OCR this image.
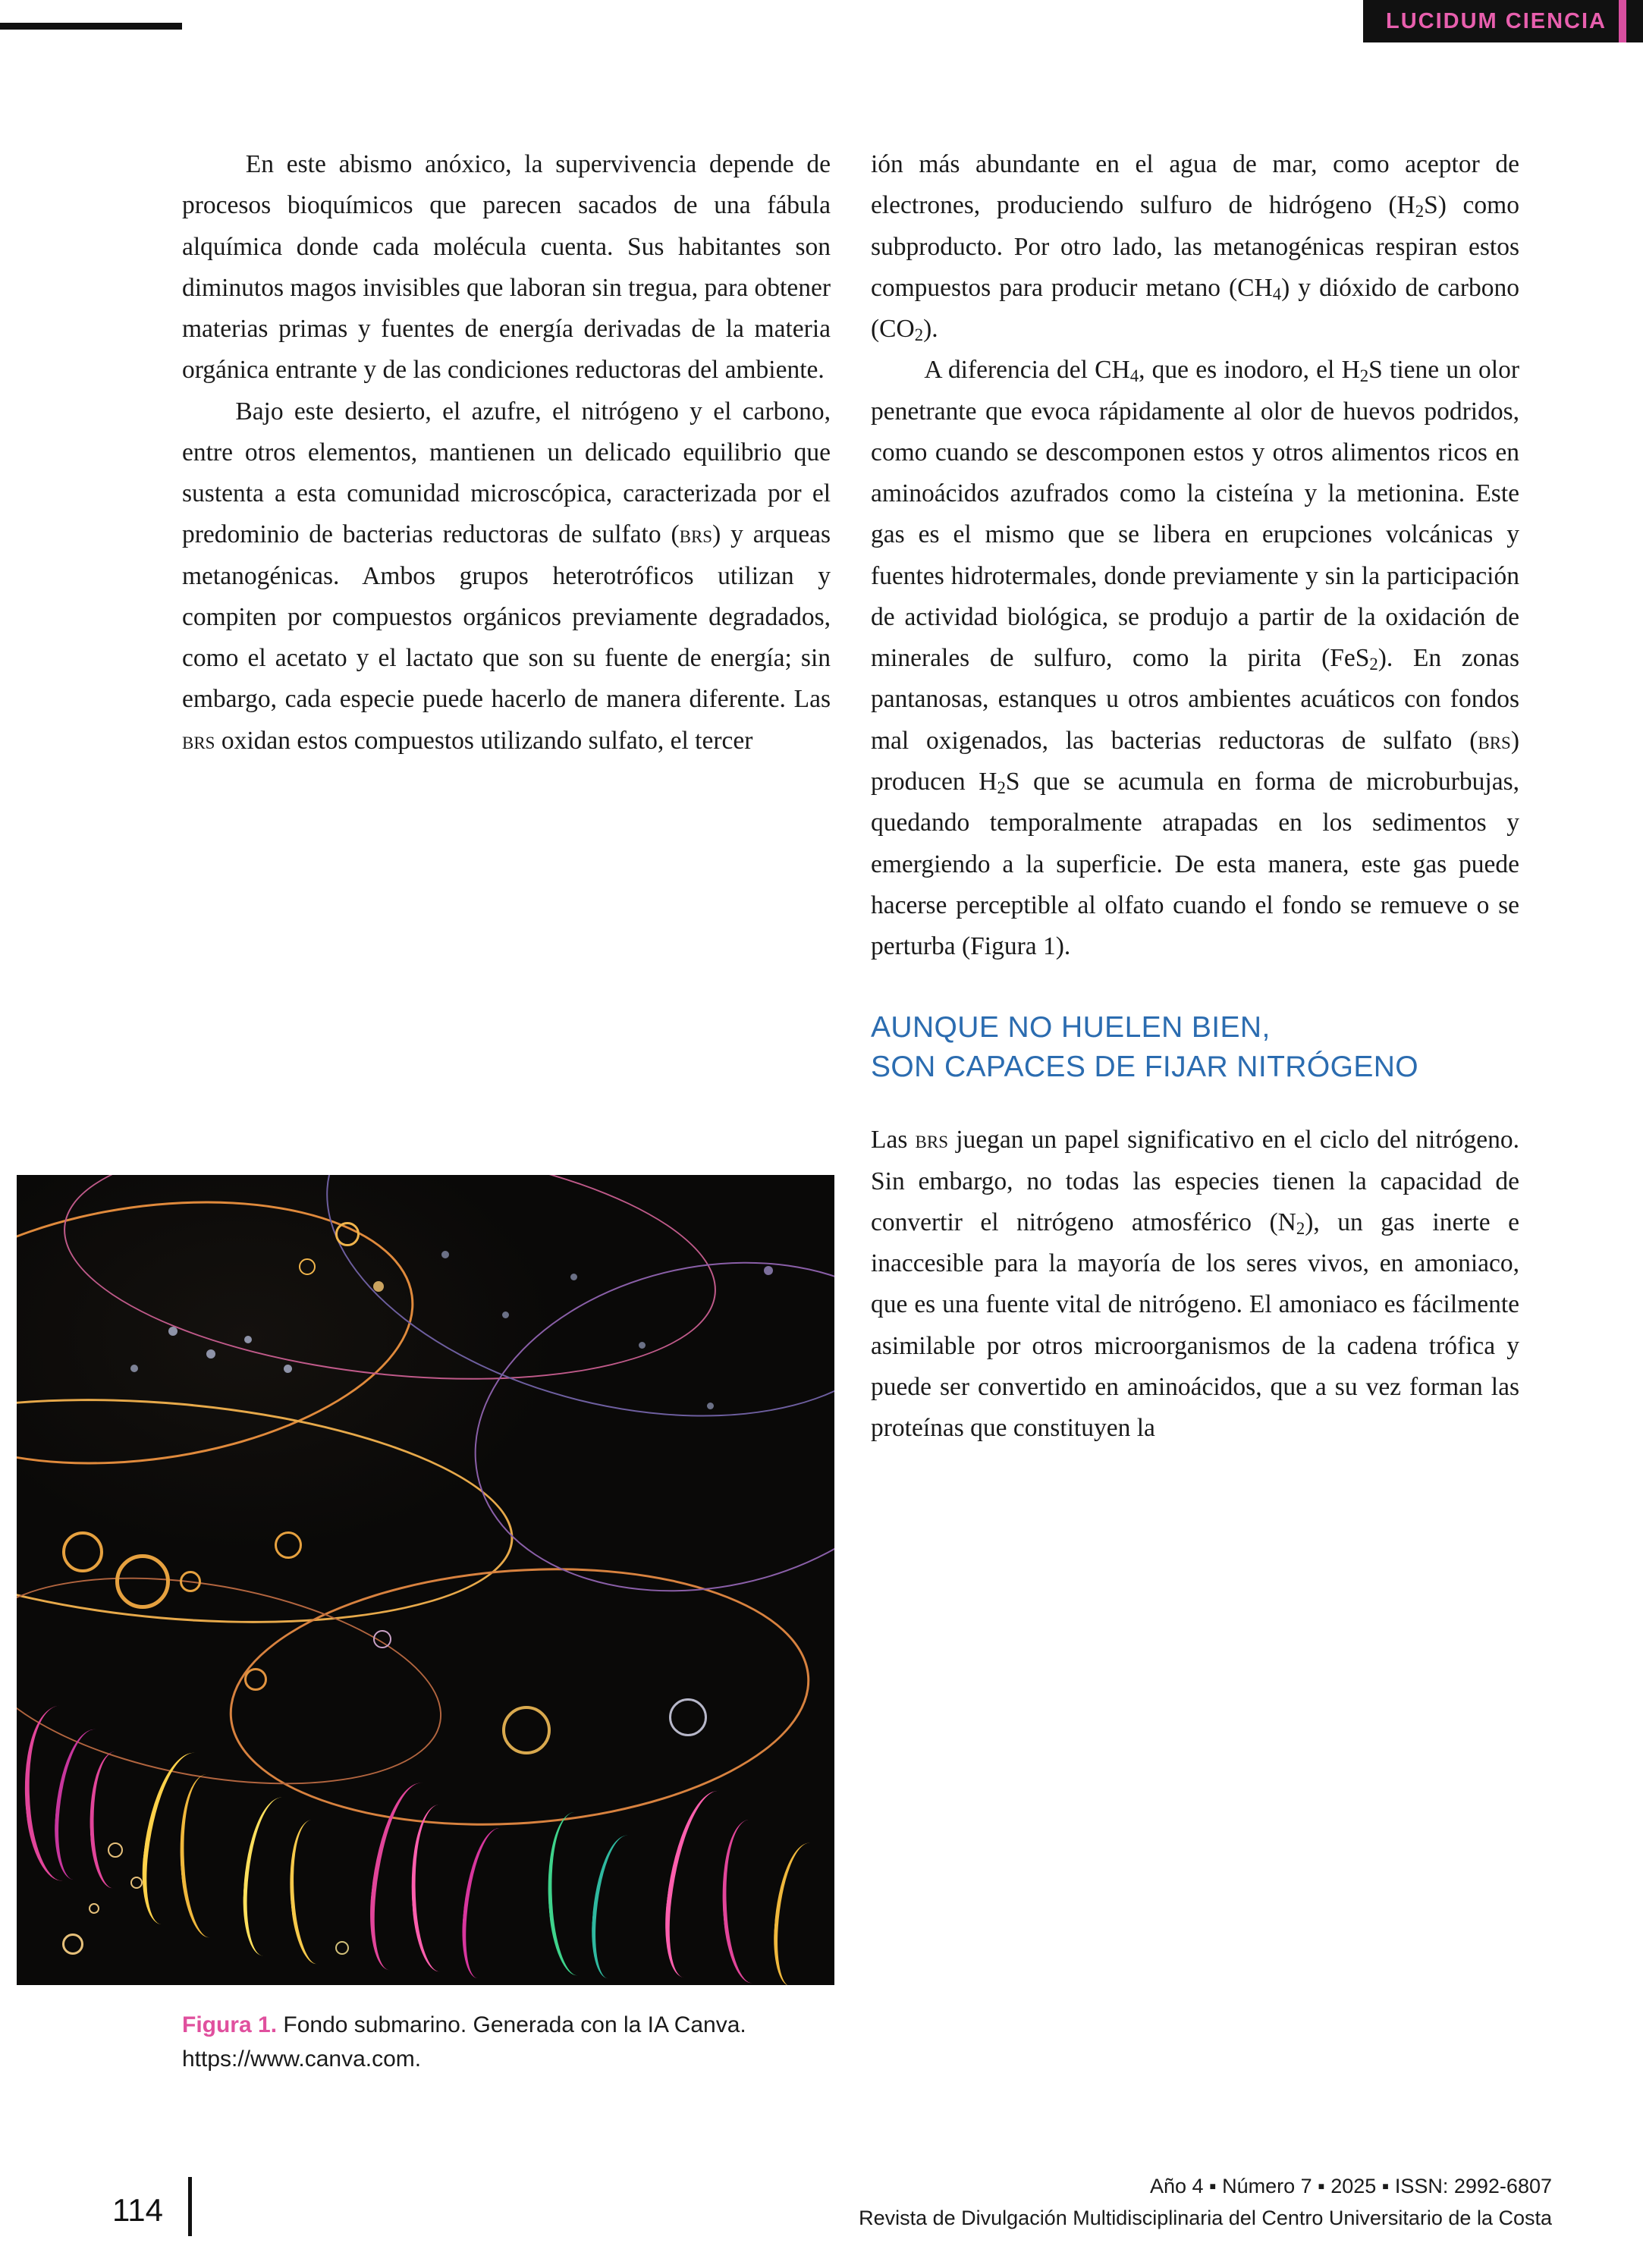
LUCIDUM CIENCIA

En este abismo anóxico, la supervivencia depende de procesos bioquímicos que parecen sacados de una fábula alquímica donde cada molécula cuenta. Sus habitantes son diminutos magos invisibles que laboran sin tregua, para obtener materias primas y fuentes de energía derivadas de la materia orgánica entrante y de las condiciones reductoras del ambiente.

Bajo este desierto, el azufre, el nitrógeno y el carbono, entre otros elementos, mantienen un delicado equilibrio que sustenta a esta comunidad microscópica, caracterizada por el predominio de bacterias reductoras de sulfato (brs) y arqueas metanogénicas. Ambos grupos heterotróficos utilizan y compiten por compuestos orgánicos previamente degradados, como el acetato y el lactato que son su fuente de energía; sin embargo, cada especie puede hacerlo de manera diferente. Las brs oxidan estos compuestos utilizando sulfato, el tercer

Figura 1. Fondo submarino. Generada con la IA Canva. https://www.canva.com.

ión más abundante en el agua de mar, como aceptor de electrones, produciendo sulfuro de hidrógeno $(H_2S)$ como subproducto. Por otro lado, las metanogénicas respiran estos compuestos para producir metano $(CH_4)$ y dióxido de carbono $(CO_2)$.

A diferencia del $CH_4$, que es inodoro, el $H_2S$ tiene un olor penetrante que evoca rápidamente al olor de huevos podridos, como cuando se descomponen estos y otros alimentos ricos en aminoácidos azufrados como la cisteína y la metionina. Este gas es el mismo que se libera en erupciones volcánicas y fuentes hidrotermales, donde previamente y sin la participación de actividad biológica, se produjo a partir de la oxidación de minerales de sulfuro, como la pirita (FeS$_2$). En zonas pantanosas, estanques u otros ambientes acuáticos con fondos mal oxigenados, las bacterias reductoras de sulfato (brs) producen $H_2S$ que se acumula en forma de microburbujas, quedando temporalmente atrapadas en los sedimentos y emergiendo a la superficie. De esta manera, este gas puede hacerse perceptible al olfato cuando el fondo se remueve o se perturba (Figura 1).

AUNQUE NO HUELEN BIEN,
SON CAPACES DE FIJAR NITRÓGENO

Las brs juegan un papel significativo en el ciclo del nitrógeno. Sin embargo, no todas las especies tienen la capacidad de convertir el nitrógeno atmosférico $(N_2)$, un gas inerte e inaccesible para la mayoría de los seres vivos, en amoniaco, que es una fuente vital de nitrógeno. El amoniaco es fácilmente asimilable por otros microorganismos de la cadena trófica y puede ser convertido en aminoácidos, que a su vez forman las proteínas que constituyen la

114
Año 4 ▪ Número 7 ▪ 2025 ▪ ISSN: 2992-6807
Revista de Divulgación Multidisciplinaria del Centro Universitario de la Costa
